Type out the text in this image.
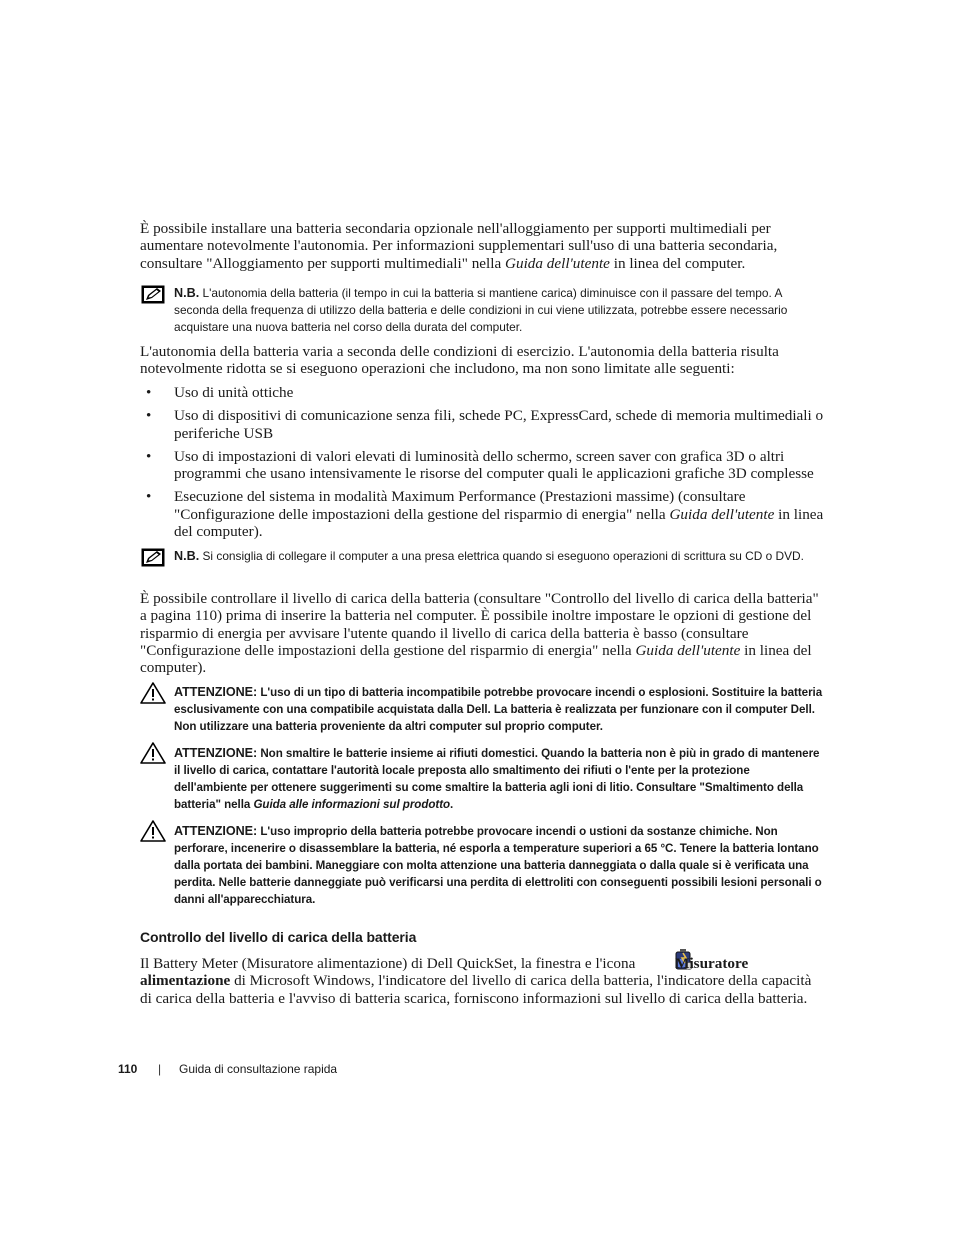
È possibile installare una batteria secondaria opzionale nell'alloggiamento per supporti multimediali per aumentare notevolmente l'autonomia. Per informazioni supplementari sull'uso di una batteria secondaria, consultare "Alloggiamento per supporti multimediali" nella Guida dell'utente in linea del computer.

N.B. L'autonomia della batteria (il tempo in cui la batteria si mantiene carica) diminuisce con il passare del tempo. A seconda della frequenza di utilizzo della batteria e delle condizioni in cui viene utilizzata, potrebbe essere necessario acquistare una nuova batteria nel corso della durata del computer.

L'autonomia della batteria varia a seconda delle condizioni di esercizio. L'autonomia della batteria risulta notevolmente ridotta se si eseguono operazioni che includono, ma non sono limitate alle seguenti:

• Uso di unità ottiche
• Uso di dispositivi di comunicazione senza fili, schede PC, ExpressCard, schede di memoria multimediali o periferiche USB
• Uso di impostazioni di valori elevati di luminosità dello schermo, screen saver con grafica 3D o altri programmi che usano intensivamente le risorse del computer quali le applicazioni grafiche 3D complesse
• Esecuzione del sistema in modalità Maximum Performance (Prestazioni massime) (consultare "Configurazione delle impostazioni della gestione del risparmio di energia" nella Guida dell'utente in linea del computer).
N.B. Si consiglia di collegare il computer a una presa elettrica quando si eseguono operazioni di scrittura su CD o DVD.

È possibile controllare il livello di carica della batteria (consultare "Controllo del livello di carica della batteria" a pagina 110) prima di inserire la batteria nel computer. È possibile inoltre impostare le opzioni di gestione del risparmio di energia per avvisare l'utente quando il livello di carica della batteria è basso (consultare "Configurazione delle impostazioni della gestione del risparmio di energia" nella Guida dell'utente in linea del computer).

ATTENZIONE: L'uso di un tipo di batteria incompatibile potrebbe provocare incendi o esplosioni. Sostituire la batteria esclusivamente con una compatibile acquistata dalla Dell. La batteria è realizzata per funzionare con il computer Dell. Non utilizzare una batteria proveniente da altri computer sul proprio computer.
ATTENZIONE: Non smaltire le batterie insieme ai rifiuti domestici. Quando la batteria non è più in grado di mantenere il livello di carica, contattare l'autorità locale preposta allo smaltimento dei rifiuti o l'ente per la protezione dell'ambiente per ottenere suggerimenti su come smaltire la batteria agli ioni di litio. Consultare "Smaltimento della batteria" nella Guida alle informazioni sul prodotto.
ATTENZIONE: L'uso improprio della batteria potrebbe provocare incendi o ustioni da sostanze chimiche. Non perforare, incenerire o disassemblare la batteria, né esporla a temperature superiori a 65 °C. Tenere la batteria lontano dalla portata dei bambini. Maneggiare con molta attenzione una batteria danneggiata o dalla quale si è verificata una perdita. Nelle batterie danneggiate può verificarsi una perdita di elettroliti con conseguenti possibili lesioni personali o danni all'apparecchiatura.
Controllo del livello di carica della batteria

Il Battery Meter (Misuratore alimentazione) di Dell QuickSet, la finestra e l'icona Misuratore alimentazione di Microsoft Windows, l'indicatore del livello di carica della batteria, l'indicatore della capacità di carica della batteria e l'avviso di batteria scarica, forniscono informazioni sul livello di carica della batteria.

110 | Guida di consultazione rapida
